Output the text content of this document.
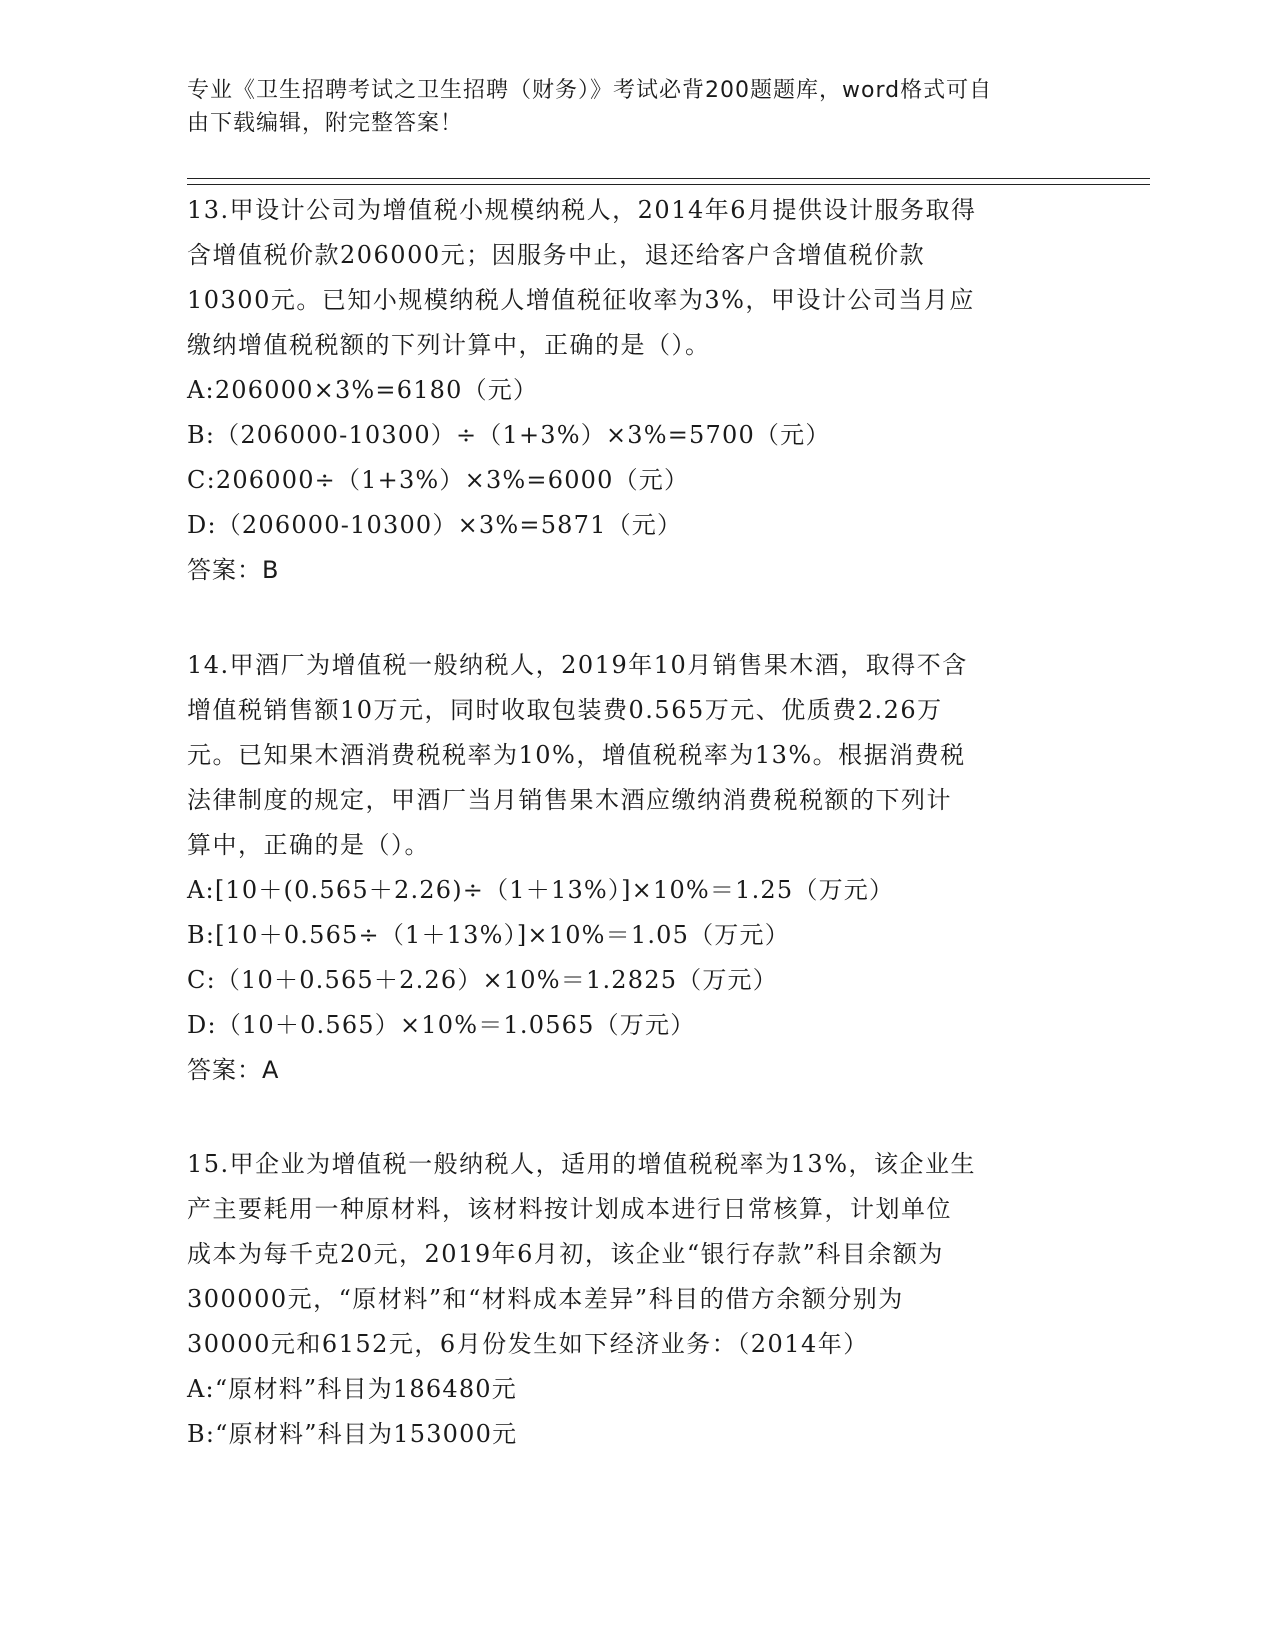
专业《卫生招聘考试之卫生招聘（财务）》考试必背200题题库，word格式可自
由下载编辑，附完整答案！
13.甲设计公司为增值税小规模纳税人，2014年6月提供设计服务取得
含增值税价款206000元；因服务中止，退还给客户含增值税价款
10300元。已知小规模纳税人增值税征收率为3%，甲设计公司当月应
缴纳增值税税额的下列计算中，正确的是（）。
A:206000×3%=6180（元）
B:（206000-10300）÷（1+3%）×3%=5700（元）
C:206000÷（1+3%）×3%=6000（元）
D:（206000-10300）×3%=5871（元）
答案：B
14.甲酒厂为增值税一般纳税人，2019年10月销售果木酒，取得不含
增值税销售额10万元，同时收取包装费0.565万元、优质费2.26万
元。已知果木酒消费税税率为10%，增值税税率为13%。根据消费税
法律制度的规定，甲酒厂当月销售果木酒应缴纳消费税税额的下列计
算中，正确的是（）。
A:[10＋(0.565＋2.26)÷（1＋13%）]×10%＝1.25（万元）
B:[10＋0.565÷（1＋13%）]×10%＝1.05（万元）
C:（10＋0.565＋2.26）×10%＝1.2825（万元）
D:（10＋0.565）×10%＝1.0565（万元）
答案：A
15.甲企业为增值税一般纳税人，适用的增值税税率为13%，该企业生
产主要耗用一种原材料，该材料按计划成本进行日常核算，计划单位
成本为每千克20元，2019年6月初，该企业“银行存款”科目余额为
300000元，“原材料”和“材料成本差异”科目的借方余额分别为
30000元和6152元，6月份发生如下经济业务：（2014年）
A:“原材料”科目为186480元
B:“原材料”科目为153000元
